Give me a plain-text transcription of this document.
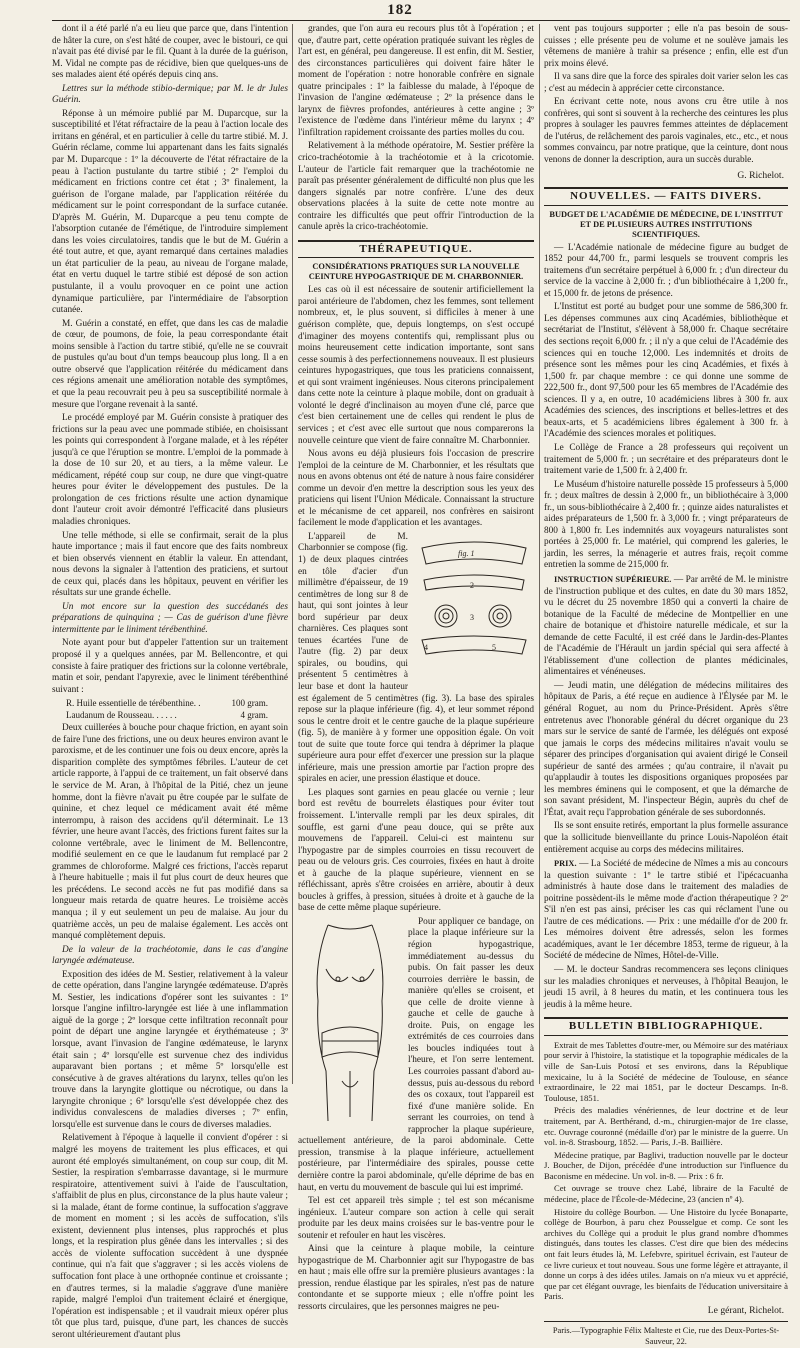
182

dont il a été parlé n'a eu lieu que parce que, dans l'intention de hâter la cure, on s'est hâté de couper, avec le bistouri, ce qui n'avait pas été divisé par le fil. Quant à la durée de la guérison, M. Vidal ne compte pas de récidive, bien que quelques-uns de ses malades aient été opérés depuis cinq ans.

Lettres sur la méthode stibio-dermique; par M. le dr Jules Guérin.

Réponse à un mémoire publié par M. Duparcque, sur la susceptibilité et l'état réfractaire de la peau à l'action locale des irritans en général, et en particulier à celle du tartre stibié. M. J. Guérin réclame, comme lui appartenant dans les faits signalés par M. Duparcque : 1º la découverte de l'état réfractaire de la peau à l'action pustulante du tartre stibié ; 2º l'emploi du médicament en frictions contre cet état ; 3º finalement, la guérison de l'organe malade, par l'application réitérée du médicament sur le point correspondant de la surface cutanée. D'après M. Guérin, M. Duparcque a peu tenu compte de l'absorption cutanée de l'émétique, de l'introduire simplement dans les voies circulatoires, tandis que le but de M. Guérin a été tout autre, et que, ayant remarqué dans certaines maladies un état particulier de la peau, au niveau de l'organe malade, état en vertu duquel le tartre stibié est déposé de son action pustulante, il a voulu provoquer en ce point une action dynamique particulière, par l'intermédiaire de l'absorption cutanée.

M. Guérin a constaté, en effet, que dans les cas de maladie de cœur, de poumons, de foie, la peau correspondante était moins sensible à l'action du tartre stibié, qu'elle ne se couvrait de pustules qu'au bout d'un temps beaucoup plus long. Il a en outre observé que l'application réitérée du médicament dans ces régions amenait une amélioration notable des symptômes, et que la peau recouvrait peu à peu sa susceptibilité normale à mesure que l'organe revenait à la santé.

Le procédé employé par M. Guérin consiste à pratiquer des frictions sur la peau avec une pommade stibiée, en choisissant les points qui correspondent à l'organe malade, et à les répéter jusqu'à ce que l'éruption se montre. L'emploi de la pommade à la dose de 10 sur 20, et au tiers, a la même valeur. Le médicament, répété coup sur coup, ne dure que vingt-quatre heures pour éviter le développement des pustules. De la prolongation de ces frictions résulte une action dynamique dont l'auteur croit avoir démontré l'efficacité dans plusieurs maladies chroniques.

Une telle méthode, si elle se confirmait, serait de la plus haute importance ; mais il faut encore que des faits nombreux et bien observés viennent en établir la valeur. En attendant, nous devons la signaler à l'attention des praticiens, et surtout de ceux qui, placés dans les hôpitaux, peuvent en vérifier les résultats sur une grande échelle.

Un mot encore sur la question des succédanés des préparations de quinquina ; — Cas de guérison d'une fièvre intermittente par le liniment térébenthiné.

Note ayant pour but d'appeler l'attention sur un traitement proposé il y a quelques années, par M. Bellencontre, et qui consiste à faire pratiquer des frictions sur la colonne vertébrale, matin et soir, pendant l'apyrexie, avec le liniment térébenthiné suivant :

R. Huile essentielle de térébenthine. .	100 gram.
Laudanum de Rousseau. . . . . .	4 gram.

Deux cuillerées à bouche pour chaque friction, en ayant soin de faire l'une des frictions, une ou deux heures environ avant le paroxisme, et de les continuer une fois ou deux encore, après la disparition complète des symptômes fébriles. L'auteur de cet article rapporte, à l'appui de ce traitement, un fait observé dans le service de M. Aran, à l'hôpital de la Pitié, chez un jeune homme, dont la fièvre n'avait pu être coupée par le sulfate de quinine, et chez lequel ce médicament avait été même interrompu, à raison des accidens qu'il déterminait. Le 13 février, une heure avant l'accès, des frictions furent faites sur la colonne vertébrale, avec le liniment de M. Bellencontre, modifié seulement en ce que le laudanum fut remplacé par 2 grammes de chloroforme. Malgré ces frictions, l'accès reparut à l'heure habituelle ; mais il fut plus court de deux heures que les précédens. Le second accès ne fut pas modifié dans sa longueur mais retarda de quatre heures. Le troisième accès manqua ; il y eut seulement un peu de malaise. Au jour du quatrième accès, un peu de malaise également. Les accès ont manqué complètement depuis.

De la valeur de la trachéotomie, dans le cas d'angine laryngée œdémateuse.

Exposition des idées de M. Sestier, relativement à la valeur de cette opération, dans l'angine laryngée œdémateuse. D'après M. Sestier, les indications d'opérer sont les suivantes : 1º lorsque l'angine infiltro-laryngée est liée à une inflammation aiguë de la gorge ; 2º lorsque cette infiltration reconnaît pour point de départ une angine laryngée et érythémateuse ; 3º lorsque, avant l'invasion de l'angine œdémateuse, le larynx était sain ; 4º lorsqu'elle est survenue chez des individus auparavant bien portans ; et même 5º lorsqu'elle est consécutive à de graves altérations du larynx, telles qu'on les trouve dans la laryngite glottique ou nécrotique, ou dans la laryngite chronique ; 6º lorsqu'elle s'est développée chez des individus convalescens de maladies diverses ; 7º enfin, lorsqu'elle est survenue dans le cours de diverses maladies.

Relativement à l'époque à laquelle il convient d'opérer : si malgré les moyens de traitement les plus efficaces, et qui auront été employés simultanément, on coup sur coup, dit M. Sestier, la respiration s'embarrasse davantage, si le murmure respiratoire, attentivement suivi à l'aide de l'auscultation, s'affaiblit de plus en plus, circonstance de la plus haute valeur ; si la malade, étant de forme continue, la suffocation s'aggrave de moment en moment ; si les accès de suffocation, s'ils existent, deviennent plus intenses, plus rapprochés et plus longs, et la respiration plus gênée dans les intervalles ; si des accès de violente suffocation succèdent à une dyspnée continue, qui n'a fait que s'aggraver ; si les accès violens de suffocation font place à une orthopnée continue et croissante ; en d'autres termes, si la maladie s'aggrave d'une manière rapide, malgré l'emploi d'un traitement éclairé et énergique, l'opération est indispensable ; et il vaudrait mieux opérer plus tôt que plus tard, puisque, d'une part, les chances de succès seront ultérieurement d'autant plus

grandes, que l'on aura eu recours plus tôt à l'opération ; et que, d'autre part, cette opération pratiquée suivant les règles de l'art est, en général, peu dangereuse. Il est enfin, dit M. Sestier, des circonstances particulières qui doivent faire hâter le moment de l'opération : notre honorable confrère en signale quatre principales : 1º la faiblesse du malade, à l'époque de l'invasion de l'angine œdémateuse ; 2º la présence dans le larynx de fièvres profondes, antérieures à cette angine ; 3º l'existence de l'œdème dans l'intérieur même du larynx ; 4º l'infiltration rapidement croissante des parties molles du cou.

Relativement à la méthode opératoire, M. Sestier préfère la crico-trachéotomie à la trachéotomie et à la cricotomie. L'auteur de l'article fait remarquer que la trachéotomie ne paraît pas présenter généralement de difficulté non plus que les dangers signalés par notre confrère. L'une des deux observations placées à la suite de cette note montre au contraire les difficultés que peut offrir l'introduction de la canule après la crico-trachéotomie.

THÉRAPEUTIQUE.
CONSIDÉRATIONS PRATIQUES SUR LA NOUVELLE CEINTURE HYPOGASTRIQUE DE M. CHARBONNIER.

Les cas où il est nécessaire de soutenir artificiellement la paroi antérieure de l'abdomen, chez les femmes, sont tellement nombreux, et, le plus souvent, si difficiles à mener à une guérison complète, que, depuis longtemps, on s'est occupé d'imaginer des moyens contentifs qui, remplissant plus ou moins heureusement cette indication importante, sont sans cesse soumis à des perfectionnemens nouveaux. Il est plusieurs ceintures hypogastriques, que tous les praticiens connaissent, et qui sont vraiment ingénieuses. Nous citerons principalement dans cette note la ceinture à plaque mobile, dont on graduait à volonté le degré d'inclinaison au moyen d'une clé, parce que c'est bien certainement une de celles qui rendent le plus de services ; et c'est avec elle surtout que nous comparerons la nouvelle ceinture que vient de faire connaître M. Charbonnier.

Nous avons eu déjà plusieurs fois l'occasion de prescrire l'emploi de la ceinture de M. Charbonnier, et les résultats que nous en avons obtenus ont été de nature à nous faire considérer comme un devoir d'en mettre la description sous les yeux des praticiens qui lisent l'Union Médicale. Connaissant la structure et le mécanisme de cet appareil, nos confrères en saisiront facilement le mode d'application et les avantages.

fig. 1
2
3
4	5

L'appareil de M. Charbonnier se compose (fig. 1) de deux plaques cintrées en tôle d'acier d'un millimètre d'épaisseur, de 19 centimètres de long sur 8 de haut, qui sont jointes à leur bord supérieur par deux charnières. Ces plaques sont tenues écartées l'une de l'autre (fig. 2) par deux spirales, ou boudins, qui présentent 5 centimètres à leur base et dont la hauteur est également de 5 centimètres (fig. 3). La base des spirales repose sur la plaque inférieure (fig. 4), et leur sommet répond sous le centre droit et le centre gauche de la plaque supérieure (fig. 5), de manière à y former une opposition égale. On voit tout de suite que toute force qui tendra à déprimer la plaque supérieure aura pour effet d'exercer une pression sur la plaque inférieure, mais une pression amortie par l'action propre des spirales en acier, une pression élastique et douce.

Les plaques sont garnies en peau glacée ou vernie ; leur bord est revêtu de bourrelets élastiques pour éviter tout froissement. L'intervalle rempli par les deux spirales, dit souffle, est garni d'une peau douce, qui se prête aux mouvemens de l'appareil. Celui-ci est maintenu sur l'hypogastre par de simples courroies en tissu recouvert de peau ou de velours gris. Ces courroies, fixées en haut à droite et à gauche de la plaque supérieure, viennent en se réfléchissant, après s'être croisées en arrière, aboutir à deux boucles à griffes, à pression, situées à droite et à gauche de la base de cette même plaque supérieure.

Pour appliquer ce bandage, on place la plaque inférieure sur la région hypogastrique, immédiatement au-dessus du pubis. On fait passer les deux courroies derrière le bassin, de manière qu'elles se croisent, et que celle de droite vienne à gauche et celle de gauche à droite. Puis, on engage les extrémités de ces courroies dans les boucles indiquées tout à l'heure, et l'on serre lentement. Les courroies passant d'abord au-dessus, puis au-dessous du rebord des os coxaux, tout l'appareil est fixé d'une manière solide. En serrant les courroies, on tend à rapprocher la plaque supérieure, actuellement antérieure, de la paroi abdominale. Cette pression, transmise à la plaque inférieure, actuellement postérieure, par l'intermédiaire des spirales, pousse cette dernière contre la paroi abdominale, qu'elle déprime de bas en haut, en vertu du mouvement de bascule qui lui est imprimé.

Tel est cet appareil très simple ; tel est son mécanisme ingénieux. L'auteur compare son action à celle qui serait produite par les deux mains croisées sur le bas-ventre pour le soutenir et refouler en haut les viscères.

Ainsi que la ceinture à plaque mobile, la ceinture hypogastrique de M. Charbonnier agit sur l'hypogastre de bas en haut ; mais elle offre sur la première plusieurs avantages : la pression, rendue élastique par les spirales, n'est pas de nature contondante et se supporte mieux ; elle n'offre point les ressorts circulaires, que les personnes maigres ne peu-

vent pas toujours supporter ; elle n'a pas besoin de sous-cuisses ; elle présente peu de volume et ne soulève jamais les vêtemens de manière à trahir sa présence ; enfin, elle est d'un prix moins élevé.

Il va sans dire que la force des spirales doit varier selon les cas ; c'est au médecin à apprécier cette circonstance.

En écrivant cette note, nous avons cru être utile à nos confrères, qui sont si souvent à la recherche des ceintures les plus propres à soulager les pauvres femmes atteintes de déplacement de l'utérus, de relâchement des parois vaginales, etc., etc., et nous sommes convaincu, par notre pratique, que la ceinture, dont nous venons de donner la description, aura un succès durable.

G. Richelot.
NOUVELLES. — FAITS DIVERS.
BUDGET DE L'ACADÉMIE DE MÉDECINE, DE L'INSTITUT ET DE PLUSIEURS AUTRES INSTITUTIONS SCIENTIFIQUES.

— L'Académie nationale de médecine figure au budget de 1852 pour 44,700 fr., parmi lesquels se trouvent compris les traitemens d'un secrétaire perpétuel à 6,000 fr. ; d'un directeur du service de la vaccine à 2,000 fr. ; d'un bibliothécaire à 1,200 fr., et 15,000 fr. de jetons de présence.

L'Institut est porté au budget pour une somme de 586,300 fr. Les dépenses communes aux cinq Académies, bibliothèque et secrétariat de l'Institut, s'élèvent à 58,000 fr. Chaque secrétaire des sections reçoit 6,000 fr. ; il n'y a que celui de l'Académie des sciences qui en touche 12,000. Les indemnités et droits de présence sont les mêmes pour les cinq Académies, et fixés à 1,500 fr. par chaque membre : ce qui donne une somme de 222,500 fr., dont 97,500 pour les 65 membres de l'Académie des sciences. Il y a, en outre, 10 académiciens libres à 300 fr. aux Académies des sciences, des inscriptions et belles-lettres et des beaux-arts, et 5 académiciens libres également à 300 fr. à l'Académie des sciences morales et politiques.

Le Collège de France a 28 professeurs qui reçoivent un traitement de 5,000 fr. ; un secrétaire et des préparateurs dont le traitement varie de 1,500 fr. à 2,400 fr.

Le Muséum d'histoire naturelle possède 15 professeurs à 5,000 fr. ; deux maîtres de dessin à 2,000 fr., un bibliothécaire à 3,000 fr., un sous-bibliothécaire à 2,400 fr. ; quinze aides naturalistes et aides préparateurs de 1,500 fr. à 3,000 fr. ; vingt préparateurs de 800 à 1,800 fr. Les indemnités aux voyageurs naturalistes sont portées à 25,000 fr. Le matériel, qui comprend les galeries, le jardin, les serres, la ménagerie et autres frais, reçoit comme entretien la somme de 215,000 fr.

INSTRUCTION SUPÉRIEURE. — Par arrêté de M. le ministre de l'instruction publique et des cultes, en date du 30 mars 1852, vu le décret du 25 novembre 1850 qui a converti la chaire de botanique de la Faculté de médecine de Montpellier en une chaire de botanique et d'histoire naturelle médicale, et sur la demande de cette Faculté, il est créé dans le Jardin-des-Plantes de l'Académie de l'Hérault un jardin spécial qui sera affecté à l'établissement d'une collection de plantes médicinales, alimentaires et vénéneuses.

— Jeudi matin, une délégation de médecins militaires des hôpitaux de Paris, a été reçue en audience à l'Élysée par M. le général Roguet, au nom du Prince-Président. Après s'être entretenus avec l'honorable général du décret organique du 23 mars sur le service de santé de l'armée, les délégués ont exposé que jamais le corps des médecins militaires n'avait voulu se séparer des principes d'organisation qui avaient dirigé le Conseil supérieur de santé des armées ; qu'au contraire, il n'avait pu qu'applaudir à toutes les dispositions organiques proposées par les membres éminens qui le composent, et que la démarche de son savant président, M. l'inspecteur Bégin, auprès du chef de l'État, avait reçu l'approbation générale de ses subordonnés.

Ils se sont ensuite retirés, emportant la plus formelle assurance que la sollicitude bienveillante du prince Louis-Napoléon était entièrement acquise au corps des médecins militaires.

PRIX. — La Société de médecine de Nîmes a mis au concours la question suivante : 1º le tartre stibié et l'ipécacuanha administrés à haute dose dans le traitement des maladies de poitrine possèdent-ils le même mode d'action thérapeutique ? 2º S'il n'en est pas ainsi, préciser les cas qui réclament l'une ou l'autre de ces médications. — Prix : une médaille d'or de 200 fr. Les mémoires doivent être adressés, selon les formes académiques, avant le 1er décembre 1853, terme de rigueur, à la Société de médecine de Nîmes, Hôtel-de-Ville.

— M. le docteur Sandras recommencera ses leçons cliniques sur les maladies chroniques et nerveuses, à l'hôpital Beaujon, le jeudi 15 avril, à 8 heures du matin, et les continuera tous les jeudis à la même heure.

BULLETIN BIBLIOGRAPHIQUE.

Extrait de mes Tablettes d'outre-mer, ou Mémoire sur des matériaux pour servir à l'histoire, la statistique et la topographie médicales de la ville de San-Luis Potosí et ses environs, dans la République mexicaine, lu à la Société de médecine de Toulouse, en séance extraordinaire, le 22 mai 1851, par le docteur Descamps. In-8. Toulouse, 1851.

Précis des maladies vénériennes, de leur doctrine et de leur traitement, par A. Berthérand, d.-m., chirurgien-major de 1re classe, etc. Ouvrage couronné (médaille d'or) par le ministre de la guerre. Un vol. in-8. Strasbourg, 1852. — Paris, J.-B. Baillière.

Médecine pratique, par Baglivi, traduction nouvelle par le docteur J. Boucher, de Dijon, précédée d'une introduction sur l'influence du Baconisme en médecine. Un vol. in-8. — Prix : 6 fr.

Cet ouvrage se trouve chez Labé, libraire de la Faculté de médecine, place de l'École-de-Médecine, 23 (ancien nº 4).

Histoire du collège Bourbon. — Une Histoire du lycée Bonaparte, collège de Bourbon, à paru chez Pousselgue et comp. Ce sont les archives du Collège qui a produit le plus grand nombre d'hommes distingués, dans toutes les classes. C'est dire que bien des médecins ont fait leurs études là, M. Lefebvre, spirituel écrivain, est l'auteur de ce livre curieux et tout nouveau. Sous une forme légère et attrayante, il donne un corps à des idées utiles. Jamais on n'a mieux vu et apprécié, que par cet élégant ouvrage, les bienfaits de l'éducation universitaire à Paris.

Le gérant, Richelot.
Paris.—Typographie Félix Malteste et Cie, rue des Deux-Portes-St-Sauveur, 22.
